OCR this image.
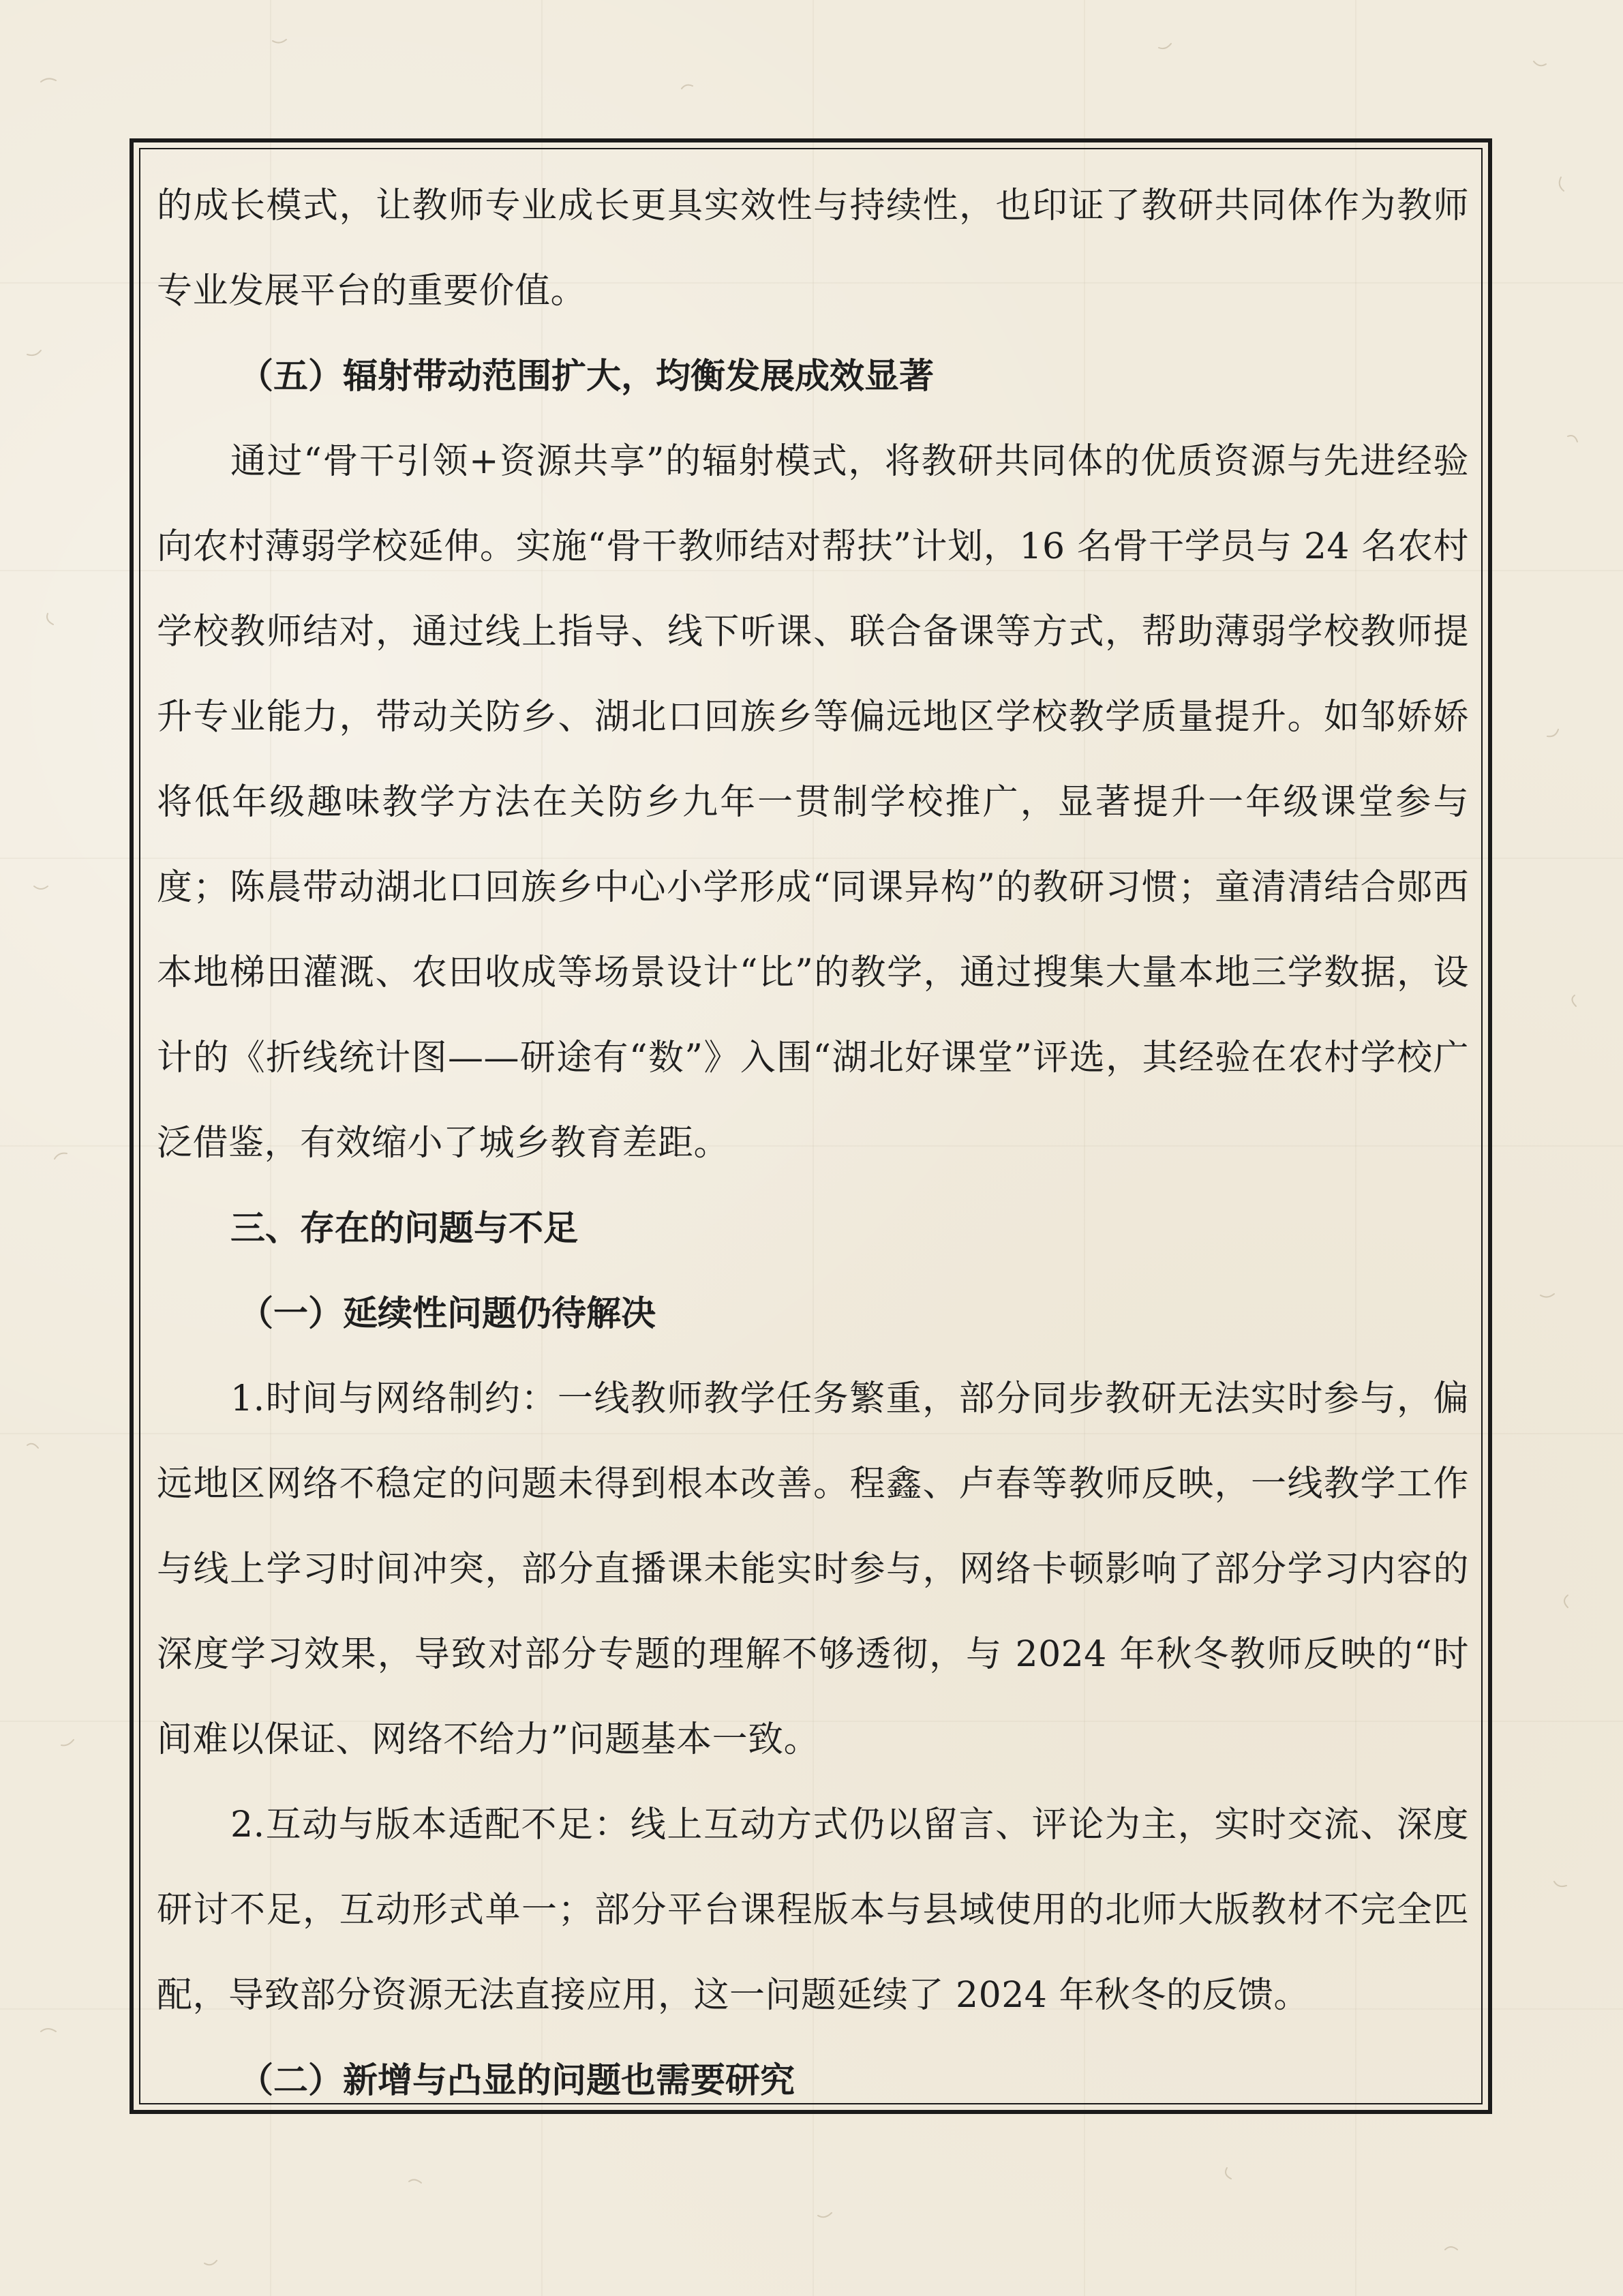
的成长模式，让教师专业成长更具实效性与持续性，也印证了教研共同体作为教师专业发展平台的重要价值。

（五）辐射带动范围扩大，均衡发展成效显著

通过“骨干引领+资源共享”的辐射模式，将教研共同体的优质资源与先进经验向农村薄弱学校延伸。实施“骨干教师结对帮扶”计划，16 名骨干学员与 24 名农村学校教师结对，通过线上指导、线下听课、联合备课等方式，帮助薄弱学校教师提升专业能力，带动关防乡、湖北口回族乡等偏远地区学校教学质量提升。如邹娇娇将低年级趣味教学方法在关防乡九年一贯制学校推广，显著提升一年级课堂参与度；陈晨带动湖北口回族乡中心小学形成“同课异构”的教研习惯；童清清结合郧西本地梯田灌溉、农田收成等场景设计“比”的教学，通过搜集大量本地三学数据，设计的《折线统计图——研途有“数”》入围“湖北好课堂”评选，其经验在农村学校广泛借鉴，有效缩小了城乡教育差距。

三、存在的问题与不足

（一）延续性问题仍待解决

1.时间与网络制约：一线教师教学任务繁重，部分同步教研无法实时参与，偏远地区网络不稳定的问题未得到根本改善。程鑫、卢春等教师反映，一线教学工作与线上学习时间冲突，部分直播课未能实时参与，网络卡顿影响了部分学习内容的深度学习效果，导致对部分专题的理解不够透彻，与 2024 年秋冬教师反映的“时间难以保证、网络不给力”问题基本一致。

2.互动与版本适配不足：线上互动方式仍以留言、评论为主，实时交流、深度研讨不足，互动形式单一；部分平台课程版本与县域使用的北师大版教材不完全匹配，导致部分资源无法直接应用，这一问题延续了 2024 年秋冬的反馈。

（二）新增与凸显的问题也需要研究
